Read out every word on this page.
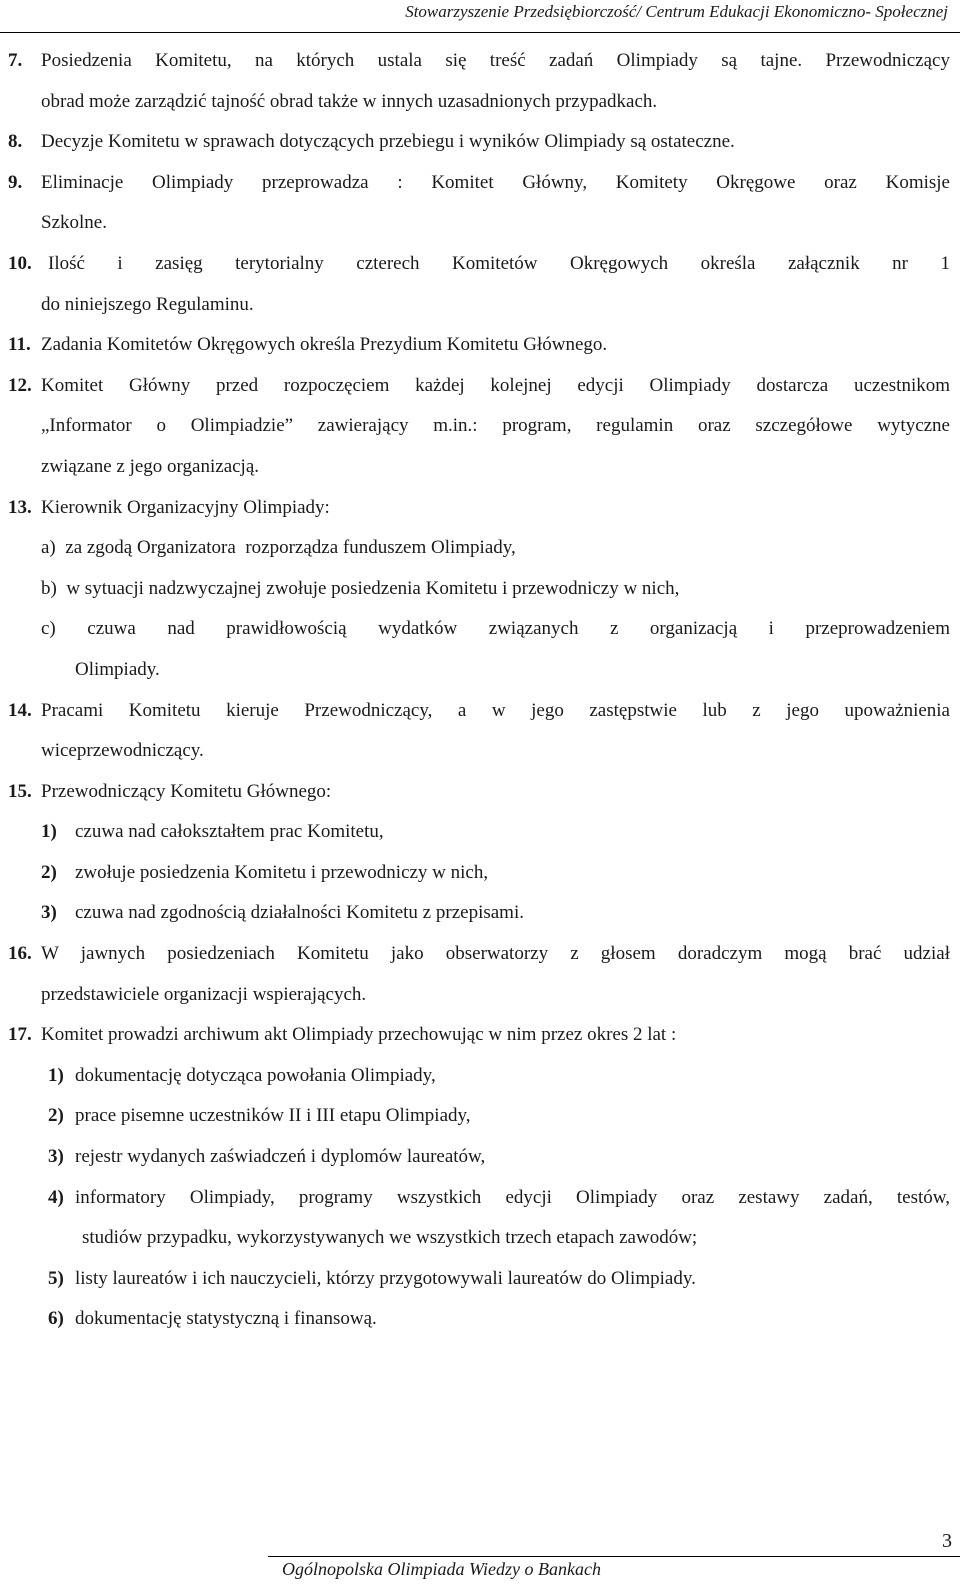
Stowarzyszenie Przedsiębiorczość/ Centrum Edukacji Ekonomiczno- Społecznej
7. Posiedzenia Komitetu, na których ustala się treść zadań Olimpiady są tajne. Przewodniczący
obrad może zarządzić tajność obrad także w innych uzasadnionych przypadkach.
8. Decyzje Komitetu w sprawach dotyczących przebiegu i wyników Olimpiady są ostateczne.
9. Eliminacje Olimpiady przeprowadza : Komitet Główny, Komitety Okręgowe oraz Komisje
Szkolne.
10. Ilość i zasięg terytorialny czterech Komitetów Okręgowych określa załącznik nr 1
do niniejszego Regulaminu.
11. Zadania Komitetów Okręgowych określa Prezydium Komitetu Głównego.
12. Komitet Główny przed rozpoczęciem każdej kolejnej edycji Olimpiady dostarcza uczestnikom
„Informator o Olimpiadzie” zawierający m.in.: program, regulamin oraz szczegółowe wytyczne
związane z jego organizacją.
13. Kierownik Organizacyjny Olimpiady:
a)  za zgodą Organizatora  rozporządza funduszem Olimpiady,
b)  w sytuacji nadzwyczajnej zwołuje posiedzenia Komitetu i przewodniczy w nich,
c) czuwa nad prawidłowością wydatków związanych z organizacją i przeprowadzeniem
Olimpiady.
14. Pracami Komitetu kieruje Przewodniczący, a w jego zastępstwie lub z jego upoważnienia
wiceprzewodniczący.
15. Przewodniczący Komitetu Głównego:
1) czuwa nad całokształtem prac Komitetu,
2) zwołuje posiedzenia Komitetu i przewodniczy w nich,
3) czuwa nad zgodnością działalności Komitetu z przepisami.
16. W jawnych posiedzeniach Komitetu jako obserwatorzy z głosem doradczym mogą brać udział
przedstawiciele organizacji wspierających.
17. Komitet prowadzi archiwum akt Olimpiady przechowując w nim przez okres 2 lat :
1) dokumentację dotycząca powołania Olimpiady,
2) prace pisemne uczestników II i III etapu Olimpiady,
3) rejestr wydanych zaświadczeń i dyplomów laureatów,
4) informatory Olimpiady, programy wszystkich edycji Olimpiady oraz zestawy zadań, testów,
studiów przypadku, wykorzystywanych we wszystkich trzech etapach zawodów;
5) listy laureatów i ich nauczycieli, którzy przygotowywali laureatów do Olimpiady.
6) dokumentację statystyczną i finansową.
Ogólnopolska Olimpiada Wiedzy o Bankach
3
